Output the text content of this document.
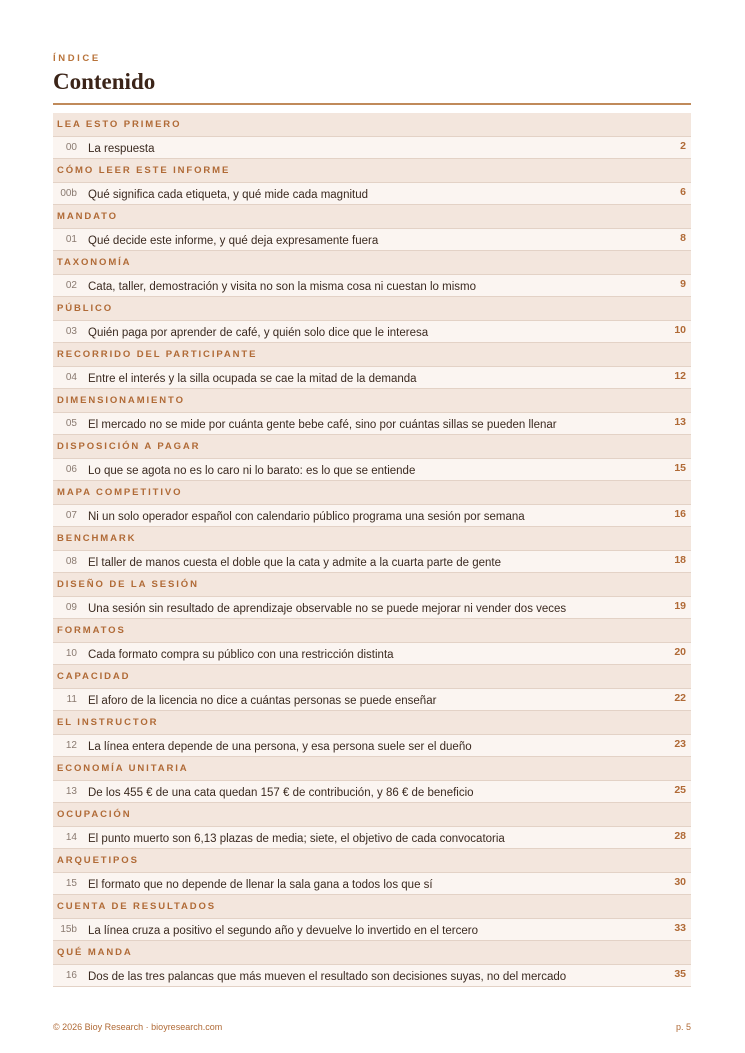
ÍNDICE
Contenido
LEA ESTO PRIMERO
00 La respuesta	2
CÓMO LEER ESTE INFORME
00b Qué significa cada etiqueta, y qué mide cada magnitud	6
MANDATO
01 Qué decide este informe, y qué deja expresamente fuera	8
TAXONOMÍA
02 Cata, taller, demostración y visita no son la misma cosa ni cuestan lo mismo	9
PÚBLICO
03 Quién paga por aprender de café, y quién solo dice que le interesa	10
RECORRIDO DEL PARTICIPANTE
04 Entre el interés y la silla ocupada se cae la mitad de la demanda	12
DIMENSIONAMIENTO
05 El mercado no se mide por cuánta gente bebe café, sino por cuántas sillas se pueden llenar	13
DISPOSICIÓN A PAGAR
06 Lo que se agota no es lo caro ni lo barato: es lo que se entiende	15
MAPA COMPETITIVO
07 Ni un solo operador español con calendario público programa una sesión por semana	16
BENCHMARK
08 El taller de manos cuesta el doble que la cata y admite a la cuarta parte de gente	18
DISEÑO DE LA SESIÓN
09 Una sesión sin resultado de aprendizaje observable no se puede mejorar ni vender dos veces	19
FORMATOS
10 Cada formato compra su público con una restricción distinta	20
CAPACIDAD
11 El aforo de la licencia no dice a cuántas personas se puede enseñar	22
EL INSTRUCTOR
12 La línea entera depende de una persona, y esa persona suele ser el dueño	23
ECONOMÍA UNITARIA
13 De los 455 € de una cata quedan 157 € de contribución, y 86 € de beneficio	25
OCUPACIÓN
14 El punto muerto son 6,13 plazas de media; siete, el objetivo de cada convocatoria	28
ARQUETIPOS
15 El formato que no depende de llenar la sala gana a todos los que sí	30
CUENTA DE RESULTADOS
15b La línea cruza a positivo el segundo año y devuelve lo invertido en el tercero	33
QUÉ MANDA
16 Dos de las tres palancas que más mueven el resultado son decisiones suyas, no del mercado	35
© 2026 Bioy Research · bioyresearch.com	p. 5
